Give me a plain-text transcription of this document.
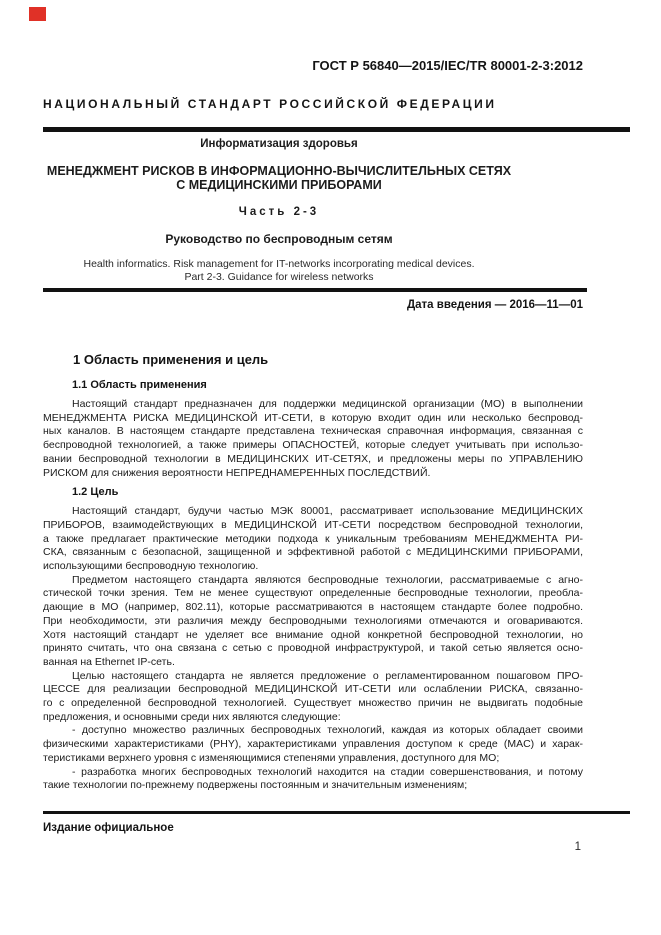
ГОСТ Р 56840—2015/IEC/TR 80001-2-3:2012
НАЦИОНАЛЬНЫЙ СТАНДАРТ РОССИЙСКОЙ ФЕДЕРАЦИИ
Информатизация здоровья
МЕНЕДЖМЕНТ РИСКОВ В ИНФОРМАЦИОННО-ВЫЧИСЛИТЕЛЬНЫХ СЕТЯХ
С МЕДИЦИНСКИМИ ПРИБОРАМИ
Часть 2-3
Руководство по беспроводным сетям
Health informatics. Risk management for IT-networks incorporating medical devices.
Part 2-3. Guidance for wireless networks
Дата введения — 2016—11—01
1 Область применения и цель
1.1 Область применения
Настоящий стандарт предназначен для поддержки медицинской организации (МО) в выполнении
МЕНЕДЖМЕНТА РИСКА МЕДИЦИНСКОЙ ИТ-СЕТИ, в которую входит один или несколько беспровод-
ных каналов. В настоящем стандарте представлена техническая справочная информация, связанная с
беспроводной технологией, а также примеры ОПАСНОСТЕЙ, которые следует учитывать при использо-
вании беспроводной технологии в МЕДИЦИНСКИХ ИТ-СЕТЯХ, и предложены меры по УПРАВЛЕНИЮ
РИСКОМ для снижения вероятности НЕПРЕДНАМЕРЕННЫХ ПОСЛЕДСТВИЙ.
1.2 Цель
Настоящий стандарт, будучи частью МЭК 80001, рассматривает использование МЕДИЦИНСКИХ
ПРИБОРОВ, взаимодействующих в МЕДИЦИНСКОЙ ИТ-СЕТИ посредством беспроводной технологии,
а также предлагает практические методики подхода к уникальным требованиям МЕНЕДЖМЕНТА РИ-
СКА, связанным с безопасной, защищенной и эффективной работой с МЕДИЦИНСКИМИ ПРИБОРАМИ,
использующими беспроводную технологию.
Предметом настоящего стандарта являются беспроводные технологии, рассматриваемые с агно-
стической точки зрения. Тем не менее существуют определенные беспроводные технологии, преобла-
дающие в МО (например, 802.11), которые рассматриваются в настоящем стандарте более подробно.
При необходимости, эти различия между беспроводными технологиями отмечаются и оговариваются.
Хотя настоящий стандарт не уделяет все внимание одной конкретной беспроводной технологии, но
принято считать, что она связана с сетью с проводной инфраструктурой, и такой сетью является осно-
ванная на Ethernet IP-сеть.
Целью настоящего стандарта не является предложение о регламентированном пошаговом ПРО-
ЦЕССЕ для реализации беспроводной МЕДИЦИНСКОЙ ИТ-СЕТИ или ослаблении РИСКА, связанно-
го с определенной беспроводной технологией. Существует множество причин не выдвигать подобные
предложения, и основными среди них являются следующие:
- доступно множество различных беспроводных технологий, каждая из которых обладает своими
физическими характеристиками (PHY), характеристиками управления доступом к среде (MAC) и харак-
теристиками верхнего уровня с изменяющимися степенями управления, доступного для МО;
- разработка многих беспроводных технологий находится на стадии совершенствования, и потому
такие технологии по-прежнему подвержены постоянным и значительным изменениям;
Издание официальное
1
